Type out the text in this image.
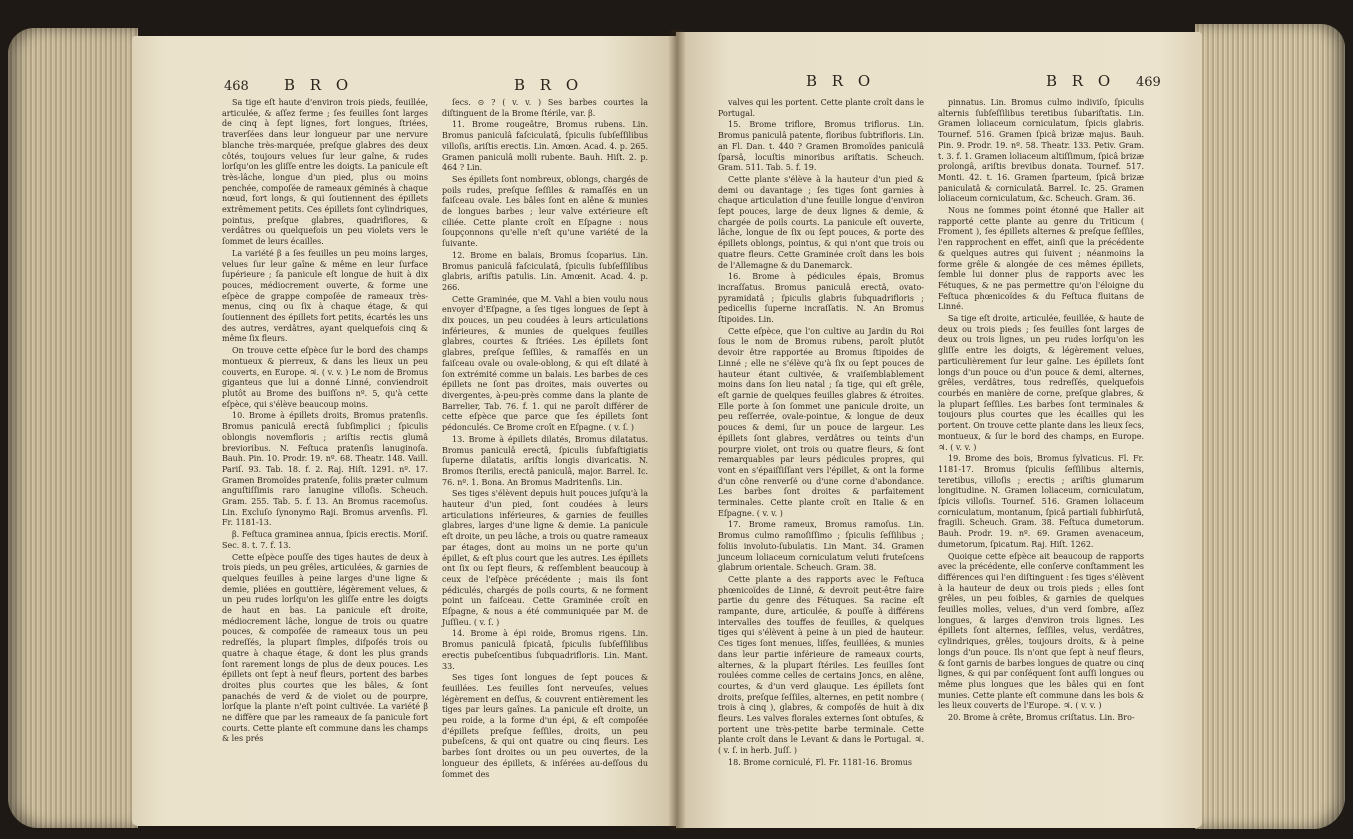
468 B R O	B R O

Sa tige eſt haute d'environ trois pieds, feuillée, articulée, & aſſez ferme ; ſes feuilles ſont larges de cinq à ſept lignes, fort longues, ſtriées, traverſées dans leur longueur par une nervure blanche très-marquée, preſque glabres des deux côtés, toujours velues ſur leur gaîne, & rudes lorſqu'on les gliſſe entre les doigts. La panicule eſt très-lâche, longue d'un pied, plus ou moins penchée, compoſée de rameaux géminés à chaque nœud, fort longs, & qui ſoutiennent des épillets extrêmement petits. Ces épillets ſont cylindriques, pointus, preſque glabres, quadriflores, & verdâtres ou quelquefois un peu violets vers le ſommet de leurs écailles.

La variété β a ſes feuilles un peu moins larges, velues ſur leur gaîne & même en leur ſurface ſupérieure ; ſa panicule eſt longue de huit à dix pouces, médiocrement ouverte, & forme une eſpèce de grappe compoſée de rameaux très-menus, cinq ou ſix à chaque étage, & qui ſoutiennent des épillets fort petits, écartés les uns des autres, verdâtres, ayant quelquefois cinq & même ſix fleurs.

On trouve cette eſpèce ſur le bord des champs montueux & pierreux, & dans les lieux un peu couverts, en Europe. ♃. ( v. v. ) Le nom de Bromus giganteus que lui a donné Linné, conviendroit plutôt au Brome des buiſſons nº. 5, qu'à cette eſpèce, qui s'élève beaucoup moins.

10. Brome à épillets droits, Bromus pratenſis. Bromus paniculâ erectâ ſubſimplici ; ſpiculis oblongis novemfloris ; ariſtis rectis glumâ brevioribus. N. Feſtuca pratenſis lanuginoſa. Bauh. Pin. 10. Prodr. 19. nº. 68. Theatr. 148. Vaill. Pariſ. 93. Tab. 18. f. 2. Raj. Hiſt. 1291. nº. 17. Gramen Bromoïdes pratenſe, foliis præter culmum anguſtiſſimis raro lanugine villoſis. Scheuch. Gram. 255. Tab. 5. f. 13. An Bromus racemoſus. Lin. Excluſo ſynonymo Raji. Bromus arvenſis. Fl. Fr. 1181-13.

β. Feſtuca graminea annua, ſpicis erectis. Moriſ. Sec. 8. t. 7. f. 13.

Cette eſpèce pouſſe des tiges hautes de deux à trois pieds, un peu grêles, articulées, & garnies de quelques feuilles à peine larges d'une ligne & demie, pliées en gouttière, légèrement velues, & un peu rudes lorſqu'on les gliſſe entre les doigts de haut en bas. La panicule eſt droite, médiocrement lâche, longue de trois ou quatre pouces, & compoſée de rameaux tous un peu redreſſés, la plupart ſimples, diſpoſés trois ou quatre à chaque étage, & dont les plus grands ſont rarement longs de plus de deux pouces. Les épillets ont ſept à neuf fleurs, portent des barbes droites plus courtes que les bâles, & ſont panachés de verd & de violet ou de pourpre, lorſque la plante n'eſt point cultivée. La variété β ne diffère que par les rameaux de ſa panicule fort courts. Cette plante eſt commune dans les champs & les prés

ſecs. ⊙ ? ( v. v. ) Ses barbes courtes la diſtinguent de la Brome ſtérile, var. β.

11. Brome rougeâtre, Bromus rubens. Lin. Bromus paniculâ faſciculatâ, ſpiculis ſubſeſſilibus villoſis, ariſtis erectis. Lin. Amœn. Acad. 4. p. 265. Gramen paniculâ molli rubente. Bauh. Hiſt. 2. p. 464 ? Lin.

Ses épillets ſont nombreux, oblongs, chargés de poils rudes, preſque ſeſſiles & ramaſſés en un faiſceau ovale. Les bâles ſont en alêne & munies de longues barbes ; leur valve extérieure eſt ciliée. Cette plante croît en Eſpagne : nous ſoupçonnons qu'elle n'eſt qu'une variété de la ſuivante.

12. Brome en balais, Bromus ſcoparius. Lin. Bromus paniculâ faſciculatâ, ſpiculis ſubſeſſilibus glabris, ariſtis patulis. Lin. Amœnit. Acad. 4. p. 266.

Cette Graminée, que M. Vahl a bien voulu nous envoyer d'Eſpagne, a ſes tiges longues de ſept à dix pouces, un peu coudées à leurs articulations inférieures, & munies de quelques feuilles glabres, courtes & ſtriées. Les épillets ſont glabres, preſque ſeſſiles, & ramaſſés en un faiſceau ovale ou ovale-oblong, & qui eſt dilaté à ſon extrémité comme un balais. Les barbes de ces épillets ne ſont pas droites, mais ouvertes ou divergentes, à-peu-près comme dans la plante de Barrelier, Tab. 76. f. 1. qui ne paroît différer de cette eſpèce que parce que ſes épillets ſont pédonculés. Ce Brome croît en Eſpagne. ( v. ſ. )

13. Brome à épillets dilatés, Bromus dilatatus. Bromus paniculâ erectâ, ſpiculis ſubfaſtigiatis ſuperne dilatatis, ariſtis longis divaricatis. N. Bromos ſterilis, erectâ paniculâ, major. Barrel. Ic. 76. nº. 1. Bona. An Bromus Madritenſis. Lin.

Ses tiges s'élèvent depuis huit pouces juſqu'à la hauteur d'un pied, ſont coudées à leurs articulations inférieures, & garnies de feuilles glabres, larges d'une ligne & demie. La panicule eſt droite, un peu lâche, a trois ou quatre rameaux par étages, dont au moins un ne porte qu'un épillet, & eſt plus court que les autres. Les épillets ont ſix ou ſept fleurs, & reſſemblent beaucoup à ceux de l'eſpèce précédente ; mais ils ſont pédiculés, chargés de poils courts, & ne forment point un faiſceau. Cette Graminée croît en Eſpagne, & nous a été communiquée par M. de Juſſieu. ( v. ſ. )

14. Brome à épi roide, Bromus rigens. Lin. Bromus paniculâ ſpicatâ, ſpiculis ſubſeſſilibus erectis pubeſcentibus ſubquadrifloris. Lin. Mant. 33.

Ses tiges ſont longues de ſept pouces & feuillées. Les feuilles ſont nerveuſes, velues légèrement en deſſus, & couvrent entièrement les tiges par leurs gaînes. La panicule eſt droite, un peu roide, a la forme d'un épi, & eſt compoſée d'épillets preſque ſeſſiles, droits, un peu pubeſcens, & qui ont quatre ou cinq fleurs. Les barbes ſont droites ou un peu ouvertes, de la longueur des épillets, & inſérées au-deſſous du ſommet des

B R O	B R O 469

valves qui les portent. Cette plante croît dans le Portugal.

15. Brome triflore, Bromus triflorus. Lin. Bromus paniculâ patente, floribus ſubtrifloris. Lin. an Fl. Dan. t. 440 ? Gramen Bromoïdes paniculâ ſparsâ, locuſtis minoribus ariſtatis. Scheuch. Gram. 511. Tab. 5. f. 19.

Cette plante s'élève à la hauteur d'un pied & demi ou davantage ; ſes tiges ſont garnies à chaque articulation d'une feuille longue d'environ ſept pouces, large de deux lignes & demie, & chargée de poils courts. La panicule eſt ouverte, lâche, longue de ſix ou ſept pouces, & porte des épillets oblongs, pointus, & qui n'ont que trois ou quatre fleurs. Cette Graminée croît dans les bois de l'Allemagne & du Danemarck.

16. Brome à pédicules épais, Bromus incraſſatus. Bromus paniculâ erectâ, ovato-pyramidatâ ; ſpiculis glabris ſubquadrifloris ; pedicellis ſuperne incraſſatis. N. An Bromus ſtipoides. Lin.

Cette eſpèce, que l'on cultive au Jardin du Roi ſous le nom de Bromus rubens, paroît plutôt devoir être rapportée au Bromus ſtipoides de Linné ; elle ne s'élève qu'à ſix ou ſept pouces de hauteur étant cultivée, & vraiſemblablement moins dans ſon lieu natal ; ſa tige, qui eſt grêle, eſt garnie de quelques feuilles glabres & étroites. Elle porte à ſon ſommet une panicule droite, un peu reſſerrée, ovale-pointue, & longue de deux pouces & demi, ſur un pouce de largeur. Les épillets ſont glabres, verdâtres ou teints d'un pourpre violet, ont trois ou quatre fleurs, & ſont remarquables par leurs pédicules propres, qui vont en s'épaiſſiſſant vers l'épillet, & ont la forme d'un cône renverſé ou d'une corne d'abondance. Les barbes ſont droites & parfaitement terminales. Cette plante croît en Italie & en Eſpagne. ( v. v. )

17. Brome rameux, Bromus ramoſus. Lin. Bromus culmo ramoſiſſimo ; ſpiculis ſeſſilibus ; foliis involuto-ſubulatis. Lin Mant. 34. Gramen junceum loliaceum corniculatum veluti fruteſcens glabrum orientale. Scheuch. Gram. 38.

Cette plante a des rapports avec le Feſtuca phœnicoïdes de Linné, & devroit peut-être faire partie du genre des Fétuques. Sa racine eſt rampante, dure, articulée, & pouſſe à différens intervalles des touffes de feuilles, & quelques tiges qui s'élèvent à peine à un pied de hauteur. Ces tiges ſont menues, liſſes, feuillées, & munies dans leur partie inférieure de rameaux courts, alternes, & la plupart ſtériles. Les feuilles ſont roulées comme celles de certains Joncs, en alêne, courtes, & d'un verd glauque. Les épillets ſont droits, preſque ſeſſiles, alternes, en petit nombre ( trois à cinq ), glabres, & compoſés de huit à dix fleurs. Les valves florales externes ſont obtuſes, & portent une très-petite barbe terminale. Cette plante croît dans le Levant & dans le Portugal. ♃. ( v. ſ. in herb. Juſſ. )

18. Brome corniculé, Fl. Fr. 1181-16. Bromus

pinnatus. Lin. Bromus culmo indiviſo, ſpiculis alternis ſubſeſſilibus teretibus ſubariſtatis. Lin. Gramen loliaceum corniculatum, ſpicis glabris. Tournef. 516. Gramen ſpicâ brizæ majus. Bauh. Pin. 9. Prodr. 19. nº. 58. Theatr. 133. Petiv. Gram. t. 3. f. 1. Gramen loliaceum altiſſimum, ſpicâ brizæ prolongâ, ariſtis brevibus donata. Tournef. 517. Monti. 42. t. 16. Gramen ſparteum, ſpicâ brizæ paniculatâ & corniculatâ. Barrel. Ic. 25. Gramen loliaceum corniculatum, &c. Scheuch. Gram. 36.

Nous ne ſommes point étonné que Haller ait rapporté cette plante au genre du Triticum ( Froment ), ſes épillets alternes & preſque ſeſſiles, l'en rapprochent en effet, ainſi que la précédente & quelques autres qui ſuivent ; néanmoins la forme grêle & alongée de ces mêmes épillets, ſemble lui donner plus de rapports avec les Fétuques, & ne pas permettre qu'on l'éloigne du Feſtuca phœnicoïdes & du Feſtuca fluitans de Linné.

Sa tige eſt droite, articulée, feuillée, & haute de deux ou trois pieds ; ſes feuilles ſont larges de deux ou trois lignes, un peu rudes lorſqu'on les gliſſe entre les doigts, & légèrement velues, particulièrement ſur leur gaîne. Les épillets ſont longs d'un pouce ou d'un pouce & demi, alternes, grêles, verdâtres, tous redreſſés, quelquefois courbés en manière de corne, preſque glabres, & la plupart ſeſſiles. Les barbes ſont terminales & toujours plus courtes que les écailles qui les portent. On trouve cette plante dans les lieux ſecs, montueux, & ſur le bord des champs, en Europe. ♃. ( v. v. )

19. Brome des bois, Bromus ſylvaticus. Fl. Fr. 1181-17. Bromus ſpiculis ſeſſilibus alternis, teretibus, villoſis ; erectis ; ariſtis glumarum longitudine. N. Gramen loliaceum, corniculatum, ſpicis villoſis. Tournef. 516. Gramen loliaceum corniculatum, montanum, ſpicâ partiali ſubhirſutâ, fragili. Scheuch. Gram. 38. Feſtuca dumetorum. Bauh. Prodr. 19. nº. 69. Gramen avenaceum, dumetorum, ſpicatum. Raj. Hiſt. 1262.

Quoique cette eſpèce ait beaucoup de rapports avec la précédente, elle conſerve conſtamment les différences qui l'en diſtinguent : ſes tiges s'élèvent à la hauteur de deux ou trois pieds ; elles ſont grêles, un peu foibles, & garnies de quelques feuilles molles, velues, d'un verd ſombre, aſſez longues, & larges d'environ trois lignes. Les épillets ſont alternes, ſeſſiles, velus, verdâtres, cylindriques, grêles, toujours droits, & à peine longs d'un pouce. Ils n'ont que ſept à neuf fleurs, & ſont garnis de barbes longues de quatre ou cinq lignes, & qui par conſéquent ſont auſſi longues ou même plus longues que les bâles qui en ſont munies. Cette plante eſt commune dans les bois & les lieux couverts de l'Europe. ♃. ( v. v. )

20. Brome à crête, Bromus criſtatus. Lin. Bro-
